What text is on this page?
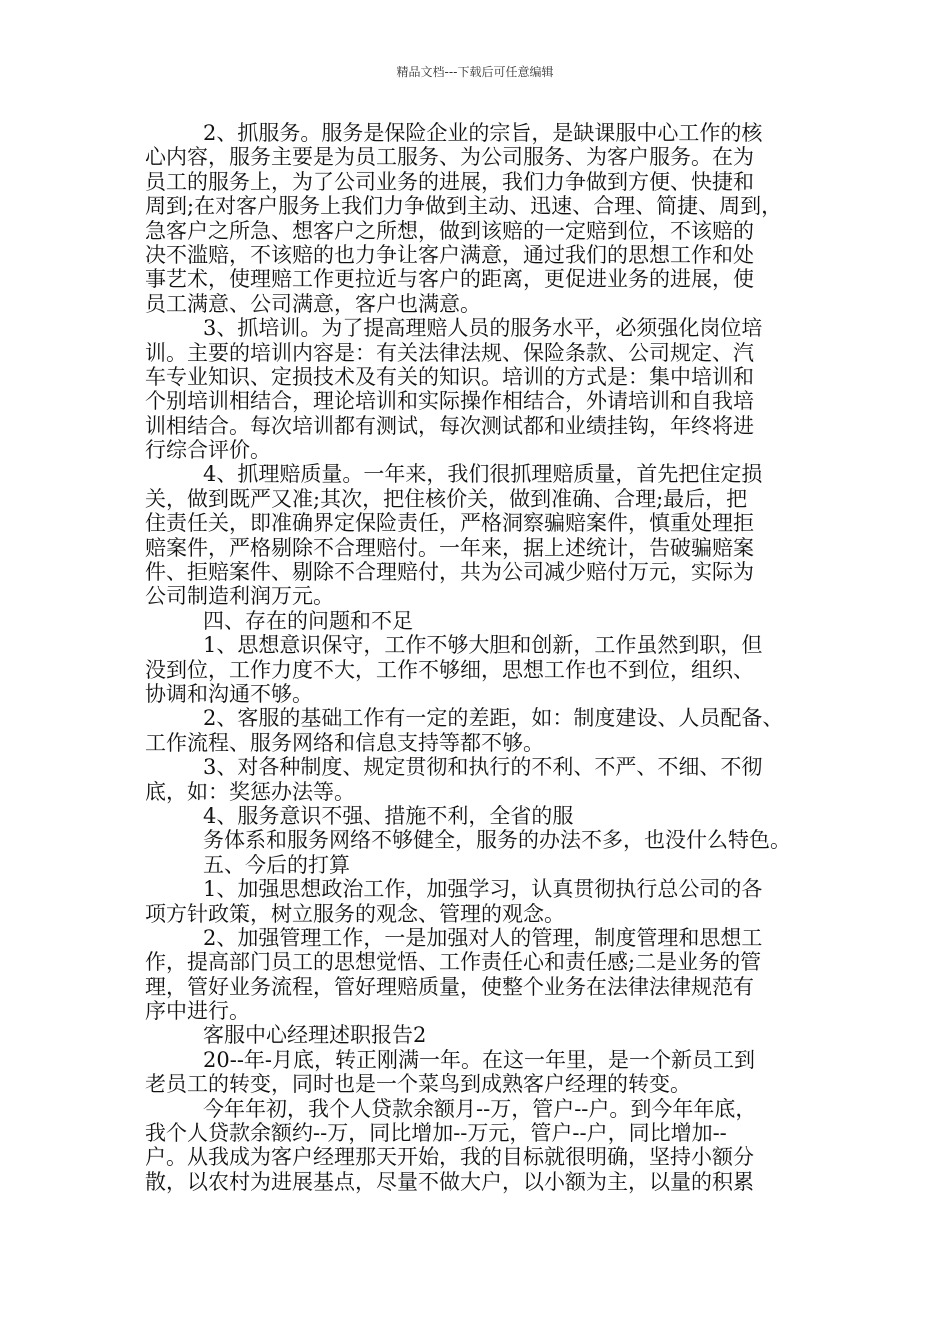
精品文档---下载后可任意编辑
2、抓服务。服务是保险企业的宗旨，是缺课服中心工作的核
心内容，服务主要是为员工服务、为公司服务、为客户服务。在为
员工的服务上，为了公司业务的进展，我们力争做到方便、快捷和
周到;在对客户服务上我们力争做到主动、迅速、合理、简捷、周到，
急客户之所急、想客户之所想，做到该赔的一定赔到位，不该赔的
决不滥赔，不该赔的也力争让客户满意，通过我们的思想工作和处
事艺术，使理赔工作更拉近与客户的距离，更促进业务的进展，使
员工满意、公司满意，客户也满意。
3、抓培训。为了提高理赔人员的服务水平，必须强化岗位培
训。主要的培训内容是：有关法律法规、保险条款、公司规定、汽
车专业知识、定损技术及有关的知识。培训的方式是：集中培训和
个别培训相结合，理论培训和实际操作相结合，外请培训和自我培
训相结合。每次培训都有测试，每次测试都和业绩挂钩，年终将进
行综合评价。
4、抓理赔质量。一年来，我们很抓理赔质量，首先把住定损
关，做到既严又准;其次，把住核价关，做到准确、合理;最后，把
住责任关，即准确界定保险责任，严格洞察骗赔案件，慎重处理拒
赔案件，严格剔除不合理赔付。一年来，据上述统计，告破骗赔案
件、拒赔案件、剔除不合理赔付，共为公司减少赔付万元，实际为
公司制造利润万元。
四、存在的问题和不足
1、思想意识保守，工作不够大胆和创新，工作虽然到职，但
没到位，工作力度不大，工作不够细，思想工作也不到位，组织、
协调和沟通不够。
2、客服的基础工作有一定的差距，如：制度建设、人员配备、
工作流程、服务网络和信息支持等都不够。
3、对各种制度、规定贯彻和执行的不利、不严、不细、不彻
底，如：奖惩办法等。
4、服务意识不强、措施不利，全省的服
务体系和服务网络不够健全，服务的办法不多，也没什么特色。
五、今后的打算
1、加强思想政治工作，加强学习，认真贯彻执行总公司的各
项方针政策，树立服务的观念、管理的观念。
2、加强管理工作，一是加强对人的管理，制度管理和思想工
作，提高部门员工的思想觉悟、工作责任心和责任感;二是业务的管
理，管好业务流程，管好理赔质量，使整个业务在法律法律规范有
序中进行。
客服中心经理述职报告2
20--年-月底，转正刚满一年。在这一年里，是一个新员工到
老员工的转变，同时也是一个菜鸟到成熟客户经理的转变。
今年年初，我个人贷款余额月--万，管户--户。到今年年底，
我个人贷款余额约--万，同比增加--万元，管户--户，同比增加--
户。从我成为客户经理那天开始，我的目标就很明确，坚持小额分
散，以农村为进展基点，尽量不做大户，以小额为主，以量的积累
